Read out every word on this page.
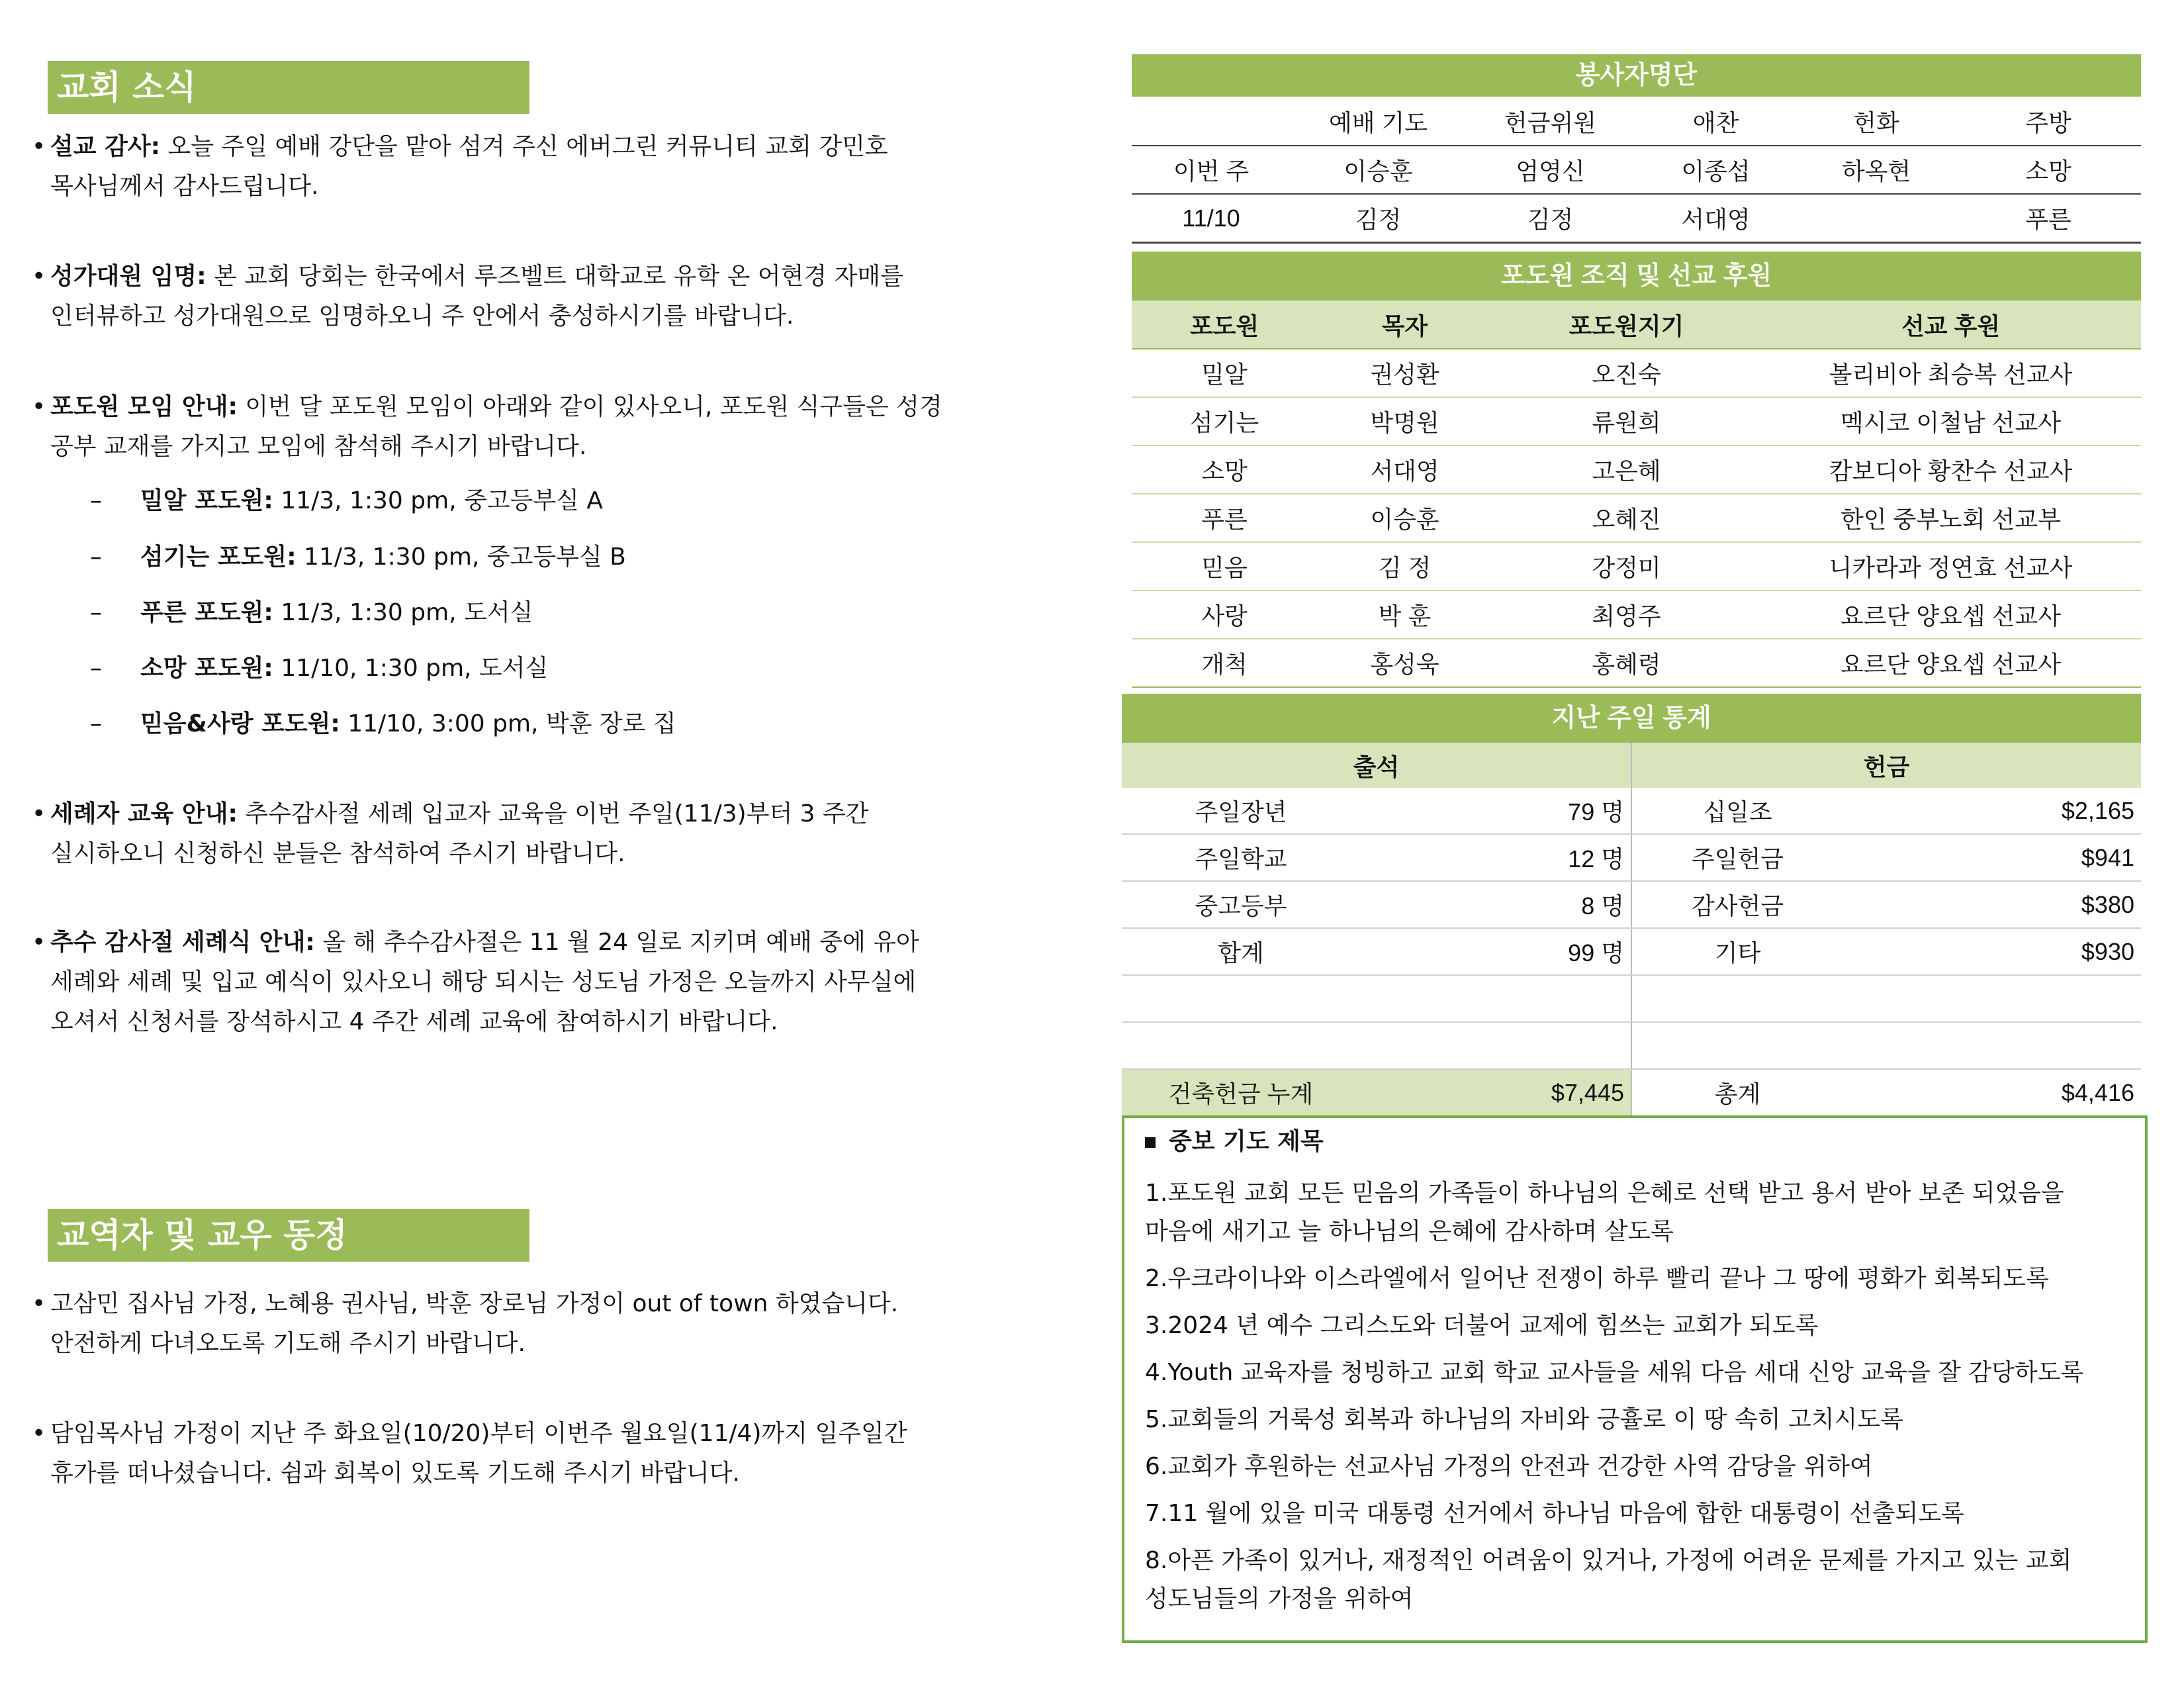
교회 소식
• 설교 감사: 오늘 주일 예배 강단을 맡아 섬겨 주신 에버그린 커뮤니티 교회 강민호
목사님께서 감사드립니다.
• 성가대원 임명: 본 교회 당회는 한국에서 루즈벨트 대학교로 유학 온 어현경 자매를
인터뷰하고 성가대원으로 임명하오니 주 안에서 충성하시기를 바랍니다.
• 포도원 모임 안내: 이번 달 포도원 모임이 아래와 같이 있사오니, 포도원 식구들은 성경
공부 교재를 가지고 모임에 참석해 주시기 바랍니다.
– 밀알 포도원: 11/3, 1:30 pm, 중고등부실 A
– 섬기는 포도원: 11/3, 1:30 pm, 중고등부실 B
– 푸른 포도원: 11/3, 1:30 pm, 도서실
– 소망 포도원: 11/10, 1:30 pm, 도서실
– 믿음&사랑 포도원: 11/10, 3:00 pm, 박훈 장로 집
• 세례자 교육 안내: 추수감사절 세례 입교자 교육을 이번 주일(11/3)부터 3 주간
실시하오니 신청하신 분들은 참석하여 주시기 바랍니다.
• 추수 감사절 세례식 안내: 올 해 추수감사절은 11 월 24 일로 지키며 예배 중에 유아
세례와 세례 및 입교 예식이 있사오니 해당 되시는 성도님 가정은 오늘까지 사무실에
오셔서 신청서를 장석하시고 4 주간 세례 교육에 참여하시기 바랍니다.
교역자 및 교우 동정
• 고삼민 집사님 가정, 노혜용 권사님, 박훈 장로님 가정이 out of town 하였습니다.
안전하게 다녀오도록 기도해 주시기 바랍니다.
• 담임목사님 가정이 지난 주 화요일(10/20)부터 이번주 월요일(11/4)까지 일주일간
휴가를 떠나셨습니다. 쉼과 회복이 있도록 기도해 주시기 바랍니다.
봉사자명단
	예배 기도	헌금위원	애찬	헌화	주방
이번 주	이승훈	엄영신	이종섭	하옥현	소망
11/10	김정	김정	서대영		푸른
포도원 조직 및 선교 후원
포도원	목자	포도원지기	선교 후원
밀알	권성환	오진숙	볼리비아 최승복 선교사
섬기는	박명원	류원희	멕시코 이철남 선교사
소망	서대영	고은혜	캄보디아 황찬수 선교사
푸른	이승훈	오혜진	한인 중부노회 선교부
믿음	김 정	강정미	니카라과 정연효 선교사
사랑	박 훈	최영주	요르단 양요셉 선교사
개척	홍성욱	홍혜령	요르단 양요셉 선교사
지난 주일 통계
출석		헌금	
주일장년	79 명	십일조	$2,165
주일학교	12 명	주일헌금	$941
중고등부	8 명	감사헌금	$380
합계	99 명	기타	$930

건축헌금 누계	$7,445	총계	$4,416
중보 기도 제목
1.포도원 교회 모든 믿음의 가족들이 하나님의 은혜로 선택 받고 용서 받아 보존 되었음을
마음에 새기고 늘 하나님의 은혜에 감사하며 살도록
2.우크라이나와 이스라엘에서 일어난 전쟁이 하루 빨리 끝나 그 땅에 평화가 회복되도록
3.2024 년 예수 그리스도와 더불어 교제에 힘쓰는 교회가 되도록
4.Youth 교육자를 청빙하고 교회 학교 교사들을 세워 다음 세대 신앙 교육을 잘 감당하도록
5.교회들의 거룩성 회복과 하나님의 자비와 긍휼로 이 땅 속히 고치시도록
6.교회가 후원하는 선교사님 가정의 안전과 건강한 사역 감당을 위하여
7.11 월에 있을 미국 대통령 선거에서 하나님 마음에 합한 대통령이 선출되도록
8.아픈 가족이 있거나, 재정적인 어려움이 있거나, 가정에 어려운 문제를 가지고 있는 교회
성도님들의 가정을 위하여
